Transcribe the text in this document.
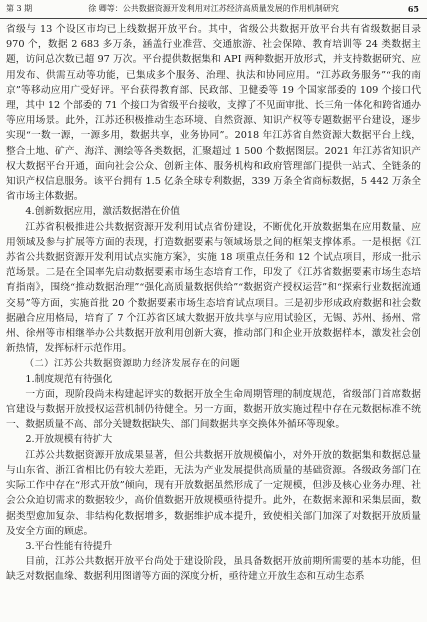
第 3 期	徐 卿等：公共数据资源开发利用对江苏经济高质量发展的作用机制研究	65

省级与 13 个设区市均已上线数据开放平台。其中，省级公共数据开放平台共有省级数据目录 970 个，数据 2 683 多万条，涵盖行业准营、交通旅游、社会保障、教育培训等 24 类数据主题，访问总次数已超 97 万次。平台提供数据集和 API 两种数据开放形式，并支持数据研究、应用发布、供需互动等功能，已集成多个服务、治理、执法和协同应用。“江苏政务服务”“我的南京”等移动应用广受好评。平台获得教育部、民政部、卫健委等 19 个国家部委的 109 个接口代理，其中 12 个部委的 71 个接口为省级平台接收，支撑了不见面审批、长三角一体化和跨省通办等应用场景。此外，江苏还积极推动生态环境、自然资源、知识产权等专题数据平台建设，逐步实现“一数一源，一源多用，数据共享，业务协同”。2018 年江苏省自然资源大数据平台上线，整合土地、矿产、海洋、测绘等各类数据，汇聚超过 1 500 个数据图层。2021 年江苏省知识产权大数据平台开通，面向社会公众、创新主体、服务机构和政府管理部门提供一站式、全链条的知识产权信息服务。该平台拥有 1.5 亿条全球专利数据，339 万条全省商标数据，5 442 万条全省市场主体数据。

4.创新数据应用，激活数据潜在价值

江苏省积极推进公共数据资源开发利用试点省份建设，不断优化开放数据集在应用数量、应用领域及参与扩展等方面的表现，打造数据要素与领域场景之间的框架支撑体系。一是根据《江苏省公共数据资源开发利用试点实施方案》，实施 18 项重点任务和 12 个试点项目，形成一批示范场景。二是在全国率先启动数据要素市场生态培育工作，印发了《江苏省数据要素市场生态培育指南》，围绕“推动数据治理”“强化高质量数据供给”“数据资产授权运营”和“探索行业数据流通交易”等方面，实施首批 20 个数据要素市场生态培育试点项目。三是初步形成政府数据和社会数据融合应用格局，培育了 7 个江苏省区域大数据开放共享与应用试验区，无锡、苏州、扬州、常州、徐州等市相继举办公共数据开放利用创新大赛，推动部门和企业开放数据样本，激发社会创新热情，发挥标杆示范作用。

（二）江苏公共数据资源助力经济发展存在的问题

1.制度规范有待强化

一方面，现阶段尚未构建起评实的数据开放全生命周期管理的制度规范，省级部门首席数据官建设与数据开放授权运营机制仍待健全。另一方面，数据开放实施过程中存在元数据标准不统一、数据质量不高、部分关键数据缺失、部门间数据共享交换体外循环等现象。

2.开放规模有待扩大

江苏公共数据资源开放成果显著，但公共数据开放规模偏小，对外开放的数据集和数据总量与山东省、浙江省相比仍有较大差距，无法为产业发展提供高质量的基础资源。各级政务部门在实际工作中存在“形式开放”倾向，现有开放数据虽然形成了一定规模，但涉及核心业务办理、社会公众迫切需求的数据较少，高价值数据开放规模亟待提升。此外，在数据来源和采集层面，数据类型愈加复杂、非结构化数据增多，数据维护成本提升，致使相关部门加深了对数据开放质量及安全方面的顾虑。

3.平台性能有待提升

目前，江苏公共数据开放平台尚处于建设阶段，虽具备数据开放前期所需要的基本功能，但缺乏对数据血缘、数据利用图谱等方面的深度分析，亟待建立开放生态和互动生态系
